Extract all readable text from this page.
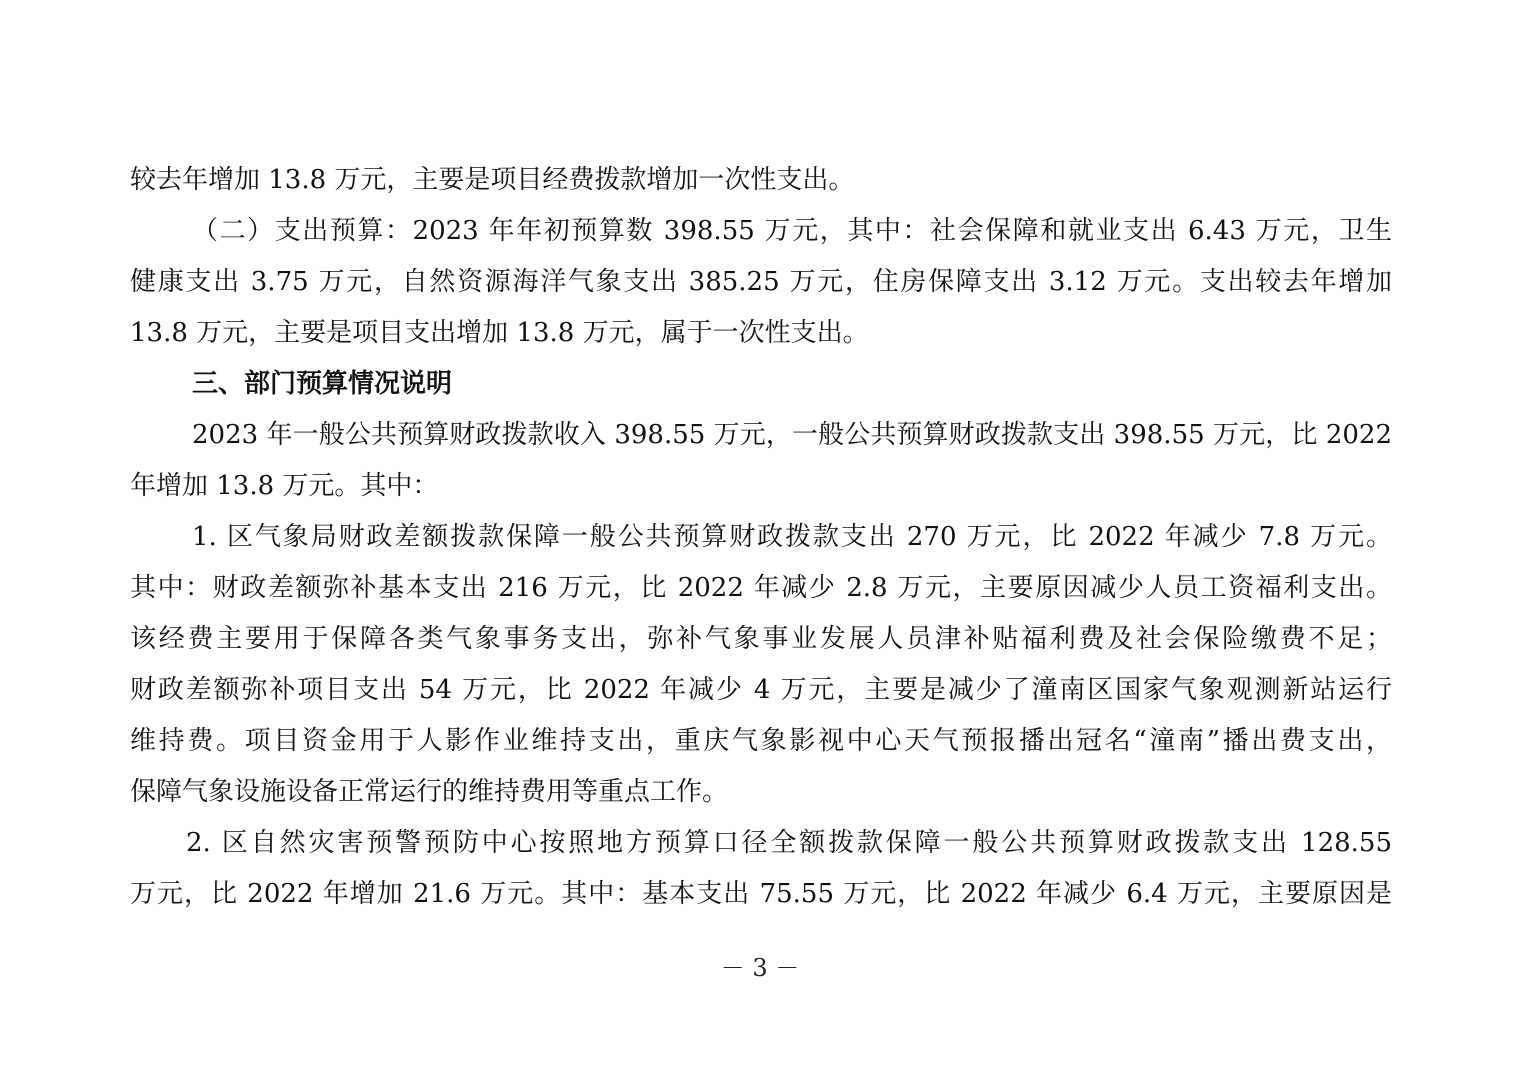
较去年增加 13.8 万元，主要是项目经费拨款增加一次性支出。
（二）支出预算：2023 年年初预算数 398.55 万元，其中：社会保障和就业支出 6.43 万元，卫生
健康支出 3.75 万元，自然资源海洋气象支出 385.25 万元，住房保障支出 3.12 万元。支出较去年增加
13.8 万元，主要是项目支出增加 13.8 万元，属于一次性支出。
三、部门预算情况说明
2023 年一般公共预算财政拨款收入 398.55 万元，一般公共预算财政拨款支出 398.55 万元，比 2022
年增加 13.8 万元。其中：
1. 区气象局财政差额拨款保障一般公共预算财政拨款支出 270 万元，比 2022 年减少 7.8 万元。
其中：财政差额弥补基本支出 216 万元，比 2022 年减少 2.8 万元，主要原因减少人员工资福利支出。
该经费主要用于保障各类气象事务支出，弥补气象事业发展人员津补贴福利费及社会保险缴费不足；
财政差额弥补项目支出 54 万元，比 2022 年减少 4 万元，主要是减少了潼南区国家气象观测新站运行
维持费。项目资金用于人影作业维持支出，重庆气象影视中心天气预报播出冠名“潼南”播出费支出，
保障气象设施设备正常运行的维持费用等重点工作。
2. 区自然灾害预警预防中心按照地方预算口径全额拨款保障一般公共预算财政拨款支出 128.55
万元，比 2022 年增加 21.6 万元。其中：基本支出 75.55 万元，比 2022 年减少 6.4 万元，主要原因是
－ 3 －
